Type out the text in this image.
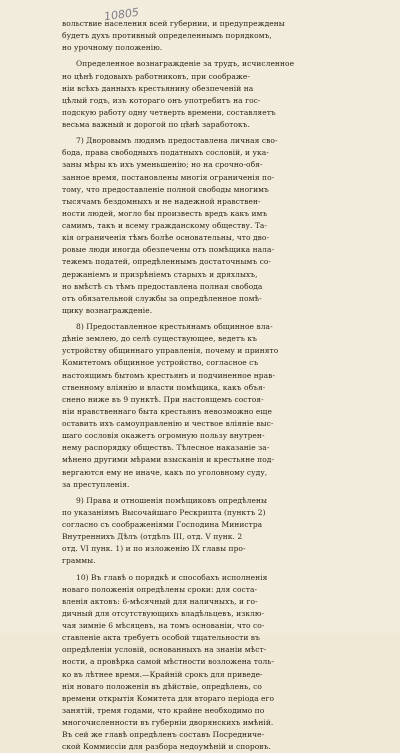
10805

вольствие населения всей губернии, и предупреждены
будетъ духъ противный определеннымъ порядкомъ,
но урочному положенію.

Определенное вознагражденіе за трудъ, исчисленное
но цѣнѣ годовыхъ работниковъ, при соображе-
ніи всѣхъ данныхъ крестьянину обезпеченій на
цѣлый годъ, изъ котораго онъ употребитъ на гос-
подскую работу одну четверть времени, составляетъ
весьма важный и дорогой по цѣнѣ заработокъ.

7) Дворовымъ людямъ предоставлена личная сво-
бода, права свободныхъ податныхъ сословій, и ука-
заны мѣры къ ихъ уменьшенію; но на срочно-обя-
занное время, постановлены многія ограниченія по-
тому, что предоставленіе полной свободы многимъ
тысячамъ бездомныхъ и не надежной нравствен-
ности людей, могло бы произвесть вредъ какъ имъ
самимъ, такъ и всему гражданскому обществу. Та-
кія ограниченія тѣмъ болѣе основательны, что дво-
ровые люди иногда обезпечены отъ помѣщика нала-
тежемъ податей, опредѣленнымъ достаточнымъ со-
держаніемъ и призрѣніемъ старыхъ и дряхлыхъ,
но вмѣстѣ съ тѣмъ предоставлена полная свобода
отъ обязательной службы за опредѣленное помѣ-
щику вознагражденіе.

8) Предоставленное крестьянамъ общинное вла-
дѣніе землею, до селѣ существующее, ведетъ къ
устройству общиннаго управленія, почему и принято
Комитетомъ общинное устройство, согласное съ
настоящимъ бытомъ крестьянъ и подчиненное нрав-
ственному вліянію и власти помѣщика, какъ объя-
снено ниже въ 9 пунктѣ. При настоящемъ состоя-
ніи нравственнаго быта крестьянъ невозможно еще
оставить ихъ самоуправленію и чествое вліяніе выс-
шаго сословія окажетъ огромную пользу внутрен-
нему распорядку обществъ. Тѣлесное наказаніе за-
мѣнено другими мѣрами взысканія и крестьяне под-
вергаются ему не иначе, какъ по уголовному суду,
за преступленія.

9) Права и отношенія помѣщиковъ опредѣлены
по указаніямъ Высочайшаго Рескрипта (пунктъ 2)
согласно съ соображеніями Господина Министра
Внутреннихъ Дѣлъ (отдѣлъ III, отд. V пунк. 2
отд. VI пунк. 1) и по изложенію IX главы про-
граммы.

10) Въ главѣ о порядкѣ и способахъ исполненія
новаго положенія опредѣлены сроки: для соста-
вленія актовъ: 6-мѣсячный для наличныхъ, и го-
дичный для отсутствующихъ владѣльцевъ, изклю-
чая зимніе 6 мѣсяцевъ, на томъ основаніи, что со-
ставленіе акта требуетъ особой тщательности въ
опредѣленіи условій, основанныхъ на знаніи мѣст-
ности, а провѣрка самой мѣстности возложена толь-
ко въ лѣтнее время.—Крайній срокъ для приведе-
нія новаго положенія въ дѣйствіе, опредѣлень, со
времени открытія Комитета для втораго періода его
занятій, тремя годами, что крайне необходимо по
многочисленности въ губерніи дворянскихъ имѣній.
Въ сей же главѣ опредѣленъ составъ Посредниче-
ской Коммиссіи для разбора недоумѣній и споровъ.
